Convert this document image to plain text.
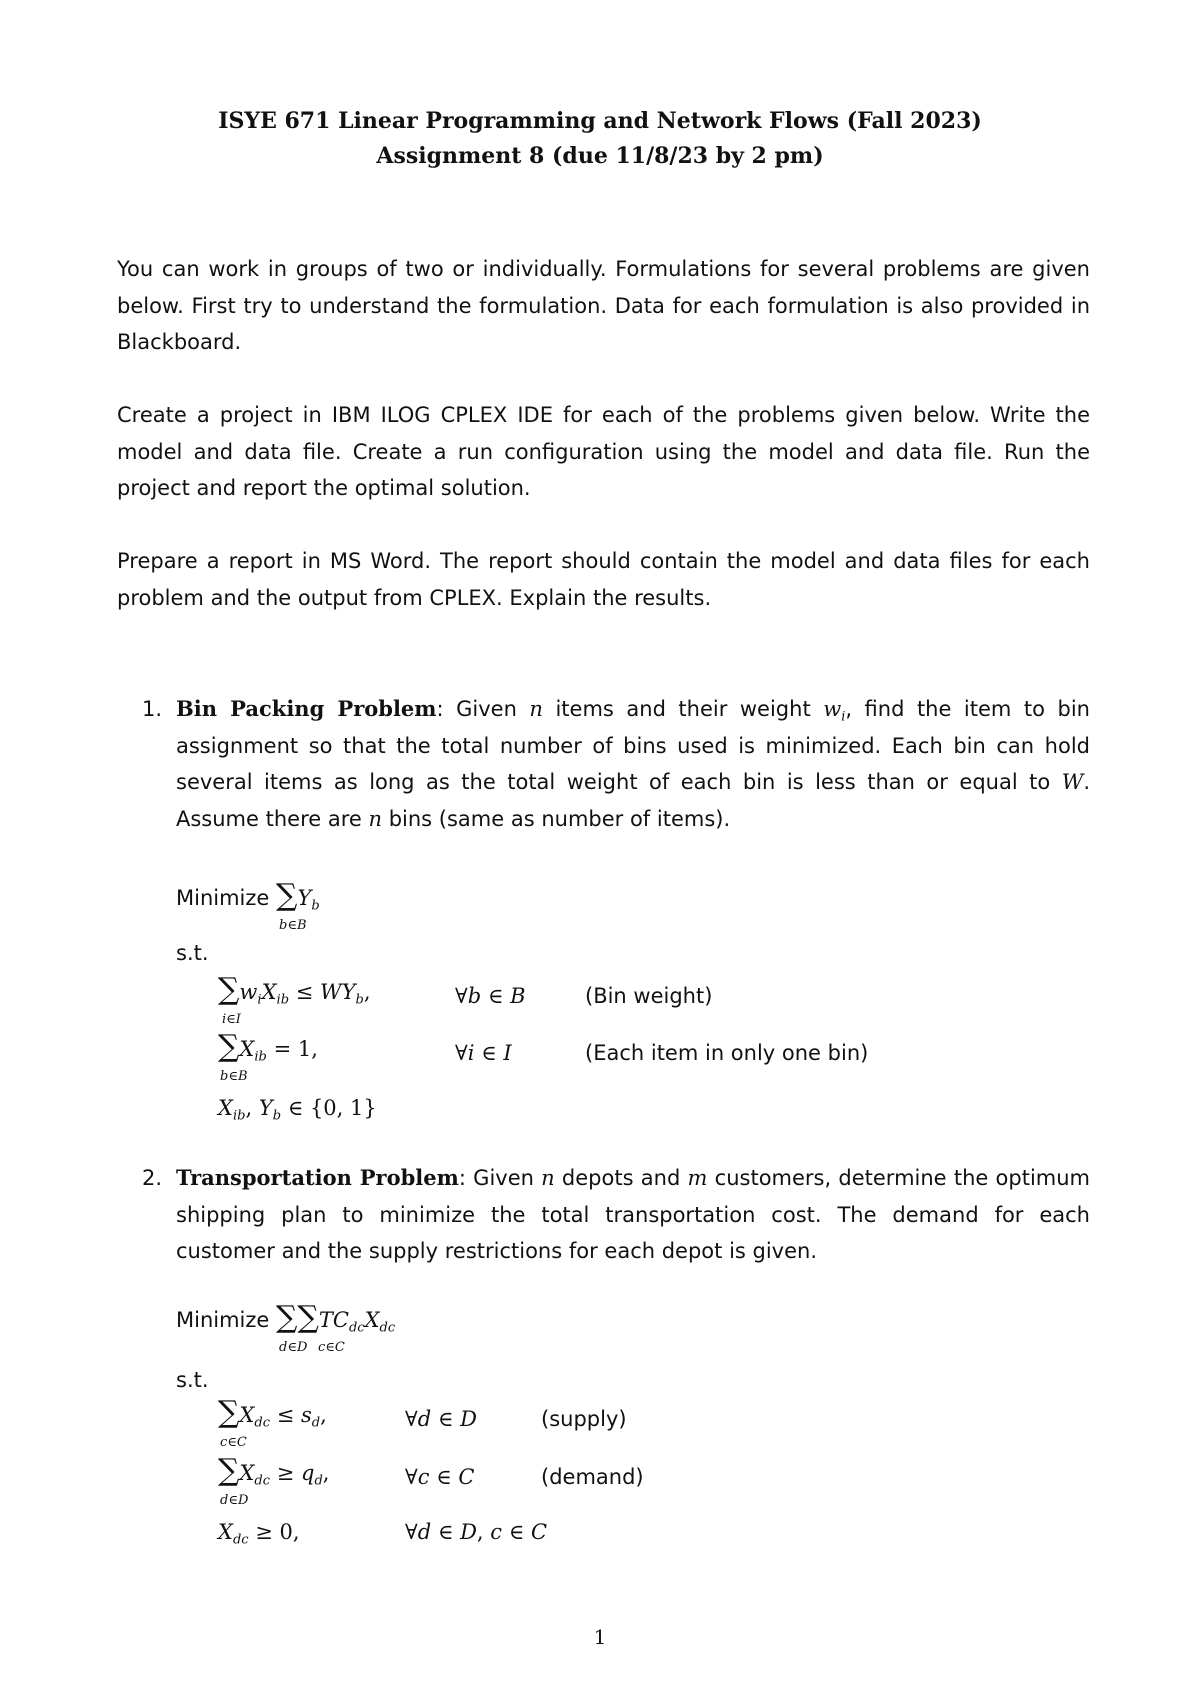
ISYE 671 Linear Programming and Network Flows (Fall 2023)
Assignment 8 (due 11/8/23 by 2 pm)

You can work in groups of two or individually. Formulations for several problems are given below. First try to understand the formulation. Data for each formulation is also provided in Blackboard.

Create a project in IBM ILOG CPLEX IDE for each of the problems given below. Write the model and data file. Create a run configuration using the model and data file. Run the project and report the optimal solution.

Prepare a report in MS Word. The report should contain the model and data files for each problem and the output from CPLEX. Explain the results.

1. Bin Packing Problem: Given n items and their weight $w_i$, find the item to bin assignment so that the total number of bins used is minimized. Each bin can hold several items as long as the total weight of each bin is less than or equal to W. Assume there are n bins (same as number of items).

Minimize $\sum Y_b$
b∈B
s.t.
$\sum w_iX_{ib} \le WY_b$,
i∈I
∀b ∈ B	(Bin weight)
$\sum X_{ib} = 1$,
b∈B
∀i ∈ I	(Each item in only one bin)
$X_{ib}$, $Y_b$ ∈ {0, 1}
2. Transportation Problem: Given n depots and m customers, determine the optimum shipping plan to minimize the total transportation cost. The demand for each customer and the supply restrictions for each depot is given.

Minimize $\sum\sum TC_{dc}X_{dc}$
d∈D c∈C
s.t.
$\sum X_{dc} \le s_d$,
c∈C
∀d ∈ D	(supply)
$\sum X_{dc} \ge q_d$,
d∈D
∀c ∈ C	(demand)
$X_{dc} \ge 0$,	∀d ∈ D, c ∈ C
1
